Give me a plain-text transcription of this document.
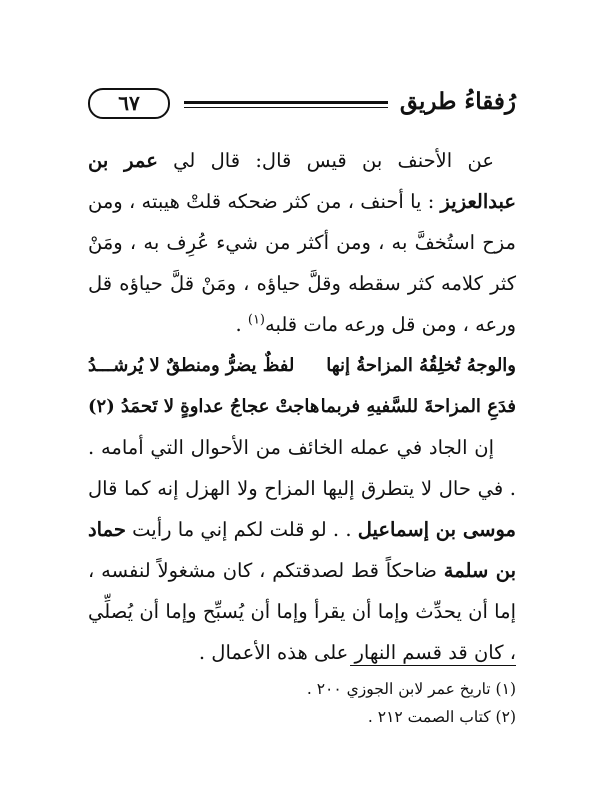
رُفقاءُ طريق
٦٧

عن الأحنف بن قيس قال: قال لي عمر بن عبدالعزيز : يا أحنف ، من كثر ضحكه قلتْ هيبته ، ومن مزح استُخفَّ به ، ومن أكثر من شيء عُرِف به ، ومَنْ كثر كلامه كثر سقطه وقلَّ حياؤه ، ومَنْ قلَّ حياؤه قل ورعه ، ومن قل ورعه مات قلبه$^{(١)}$ .

والوجهُ تُخلِقُهُ المزاحةُ إنها
لفظٌ يضرُّ ومنطقٌ لا يُرشـــدُ
فدَعِ المزاحةَ للسَّفيهِ فربما
هاجتْ عجاجُ عداوةٍ لا تَحمَدُ (٢)

إن الجاد في عمله الخائف من الأحوال التي أمامه . . في حال لا يتطرق إليها المزاح ولا الهزل إنه كما قال موسى بن إسماعيل . . لو قلت لكم إني ما رأيت حماد بن سلمة ضاحكاً قط لصدقتكم ، كان مشغولاً لنفسه ، إما أن يحدِّث وإما أن يقرأ وإما أن يُسبِّح وإما أن يُصلِّي ، كان قد قسم النهار على هذه الأعمال .

(١) تاريخ عمر لابن الجوزي ٢٠٠ .

(٢) كتاب الصمت ٢١٢ .
